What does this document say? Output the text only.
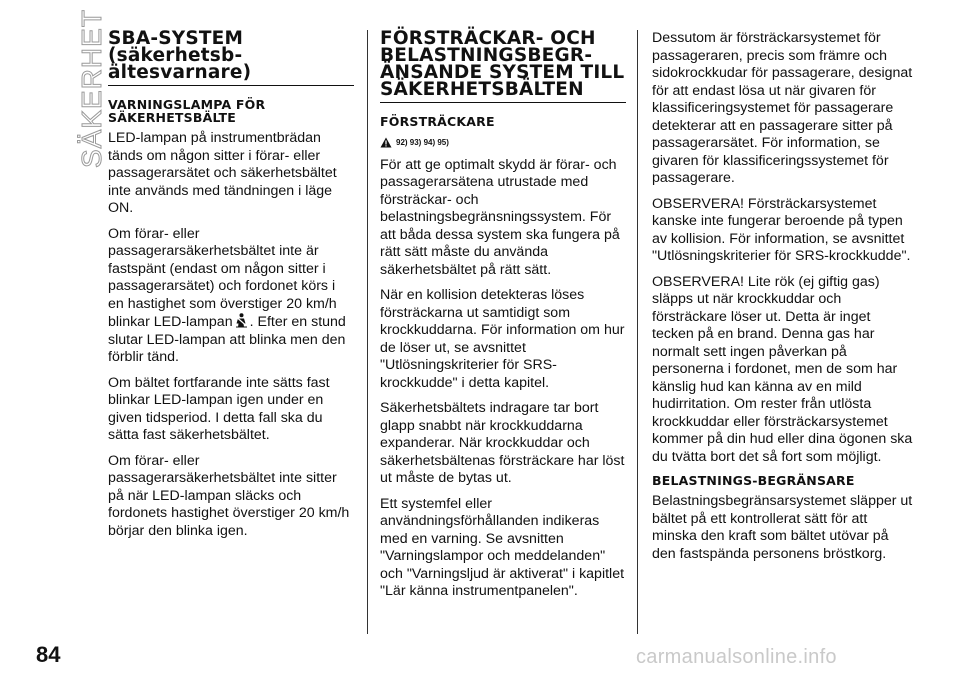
SÄKERHET SBA-SYSTEM (säkerhetsb-ältesvarnare)
VARNINGSLAMPA FÖR SÄKERHETSBÄLTE

LED-lampan på instrumentbrädan tänds om någon sitter i förar- eller passagerarsätet och säkerhetsbältet inte används med tändningen i läge ON.

Om förar- eller passagerarsäkerhetsbältet inte är fastspänt (endast om någon sitter i passagerarsätet) och fordonet körs i en hastighet som överstiger 20 km/h blinkar LED-lampan . Efter en stund slutar LED-lampan att blinka men den förblir tänd.

Om bältet fortfarande inte sätts fast blinkar LED-lampan igen under en given tidsperiod. I detta fall ska du sätta fast säkerhetsbältet.

Om förar- eller passagerarsäkerhetsbältet inte sitter på när LED-lampan släcks och fordonets hastighet överstiger 20 km/h börjar den blinka igen.

FÖRSTRÄCKAR- OCH BELASTNINGSBEGR-ÄNSANDE SYSTEM TILL SÄKERHETSBÄLTEN
FÖRSTRÄCKARE
92) 93) 94) 95)

För att ge optimalt skydd är förar- och passagerarsätena utrustade med försträckar- och belastningsbegränsningssystem. För att båda dessa system ska fungera på rätt sätt måste du använda säkerhetsbältet på rätt sätt.

När en kollision detekteras löses försträckarna ut samtidigt som krockkuddarna. För information om hur de löser ut, se avsnittet "Utlösningskriterier för SRS-krockkudde" i detta kapitel.

Säkerhetsbältets indragare tar bort glapp snabbt när krockkuddarna expanderar. När krockkuddar och säkerhetsbältenas försträckare har löst ut måste de bytas ut.

Ett systemfel eller användningsförhållanden indikeras med en varning. Se avsnitten "Varningslampor och meddelanden" och "Varningsljud är aktiverat" i kapitlet "Lär känna instrumentpanelen".

Dessutom är försträckarsystemet för passageraren, precis som främre och sidokrockkudar för passagerare, designat för att endast lösa ut när givaren för klassificeringsystemet för passagerare detekterar att en passagerare sitter på passagerarsätet. För information, se givaren för klassificeringssystemet för passagerare.

OBSERVERA! Försträckarsystemet kanske inte fungerar beroende på typen av kollision. För information, se avsnittet "Utlösningskriterier för SRS-krockkudde".

OBSERVERA! Lite rök (ej giftig gas) släpps ut när krockkuddar och försträckare löser ut. Detta är inget tecken på en brand. Denna gas har normalt sett ingen påverkan på personerna i fordonet, men de som har känslig hud kan känna av en mild hudirritation. Om rester från utlösta krockkuddar eller försträckarsystemet kommer på din hud eller dina ögonen ska du tvätta bort det så fort som möjligt.

BELASTNINGS-BEGRÄNSARE

Belastningsbegränsarsystemet släpper ut bältet på ett kontrollerat sätt för att minska den kraft som bältet utövar på den fastspända personens bröstkorg.

84	carmanualsonline.info
